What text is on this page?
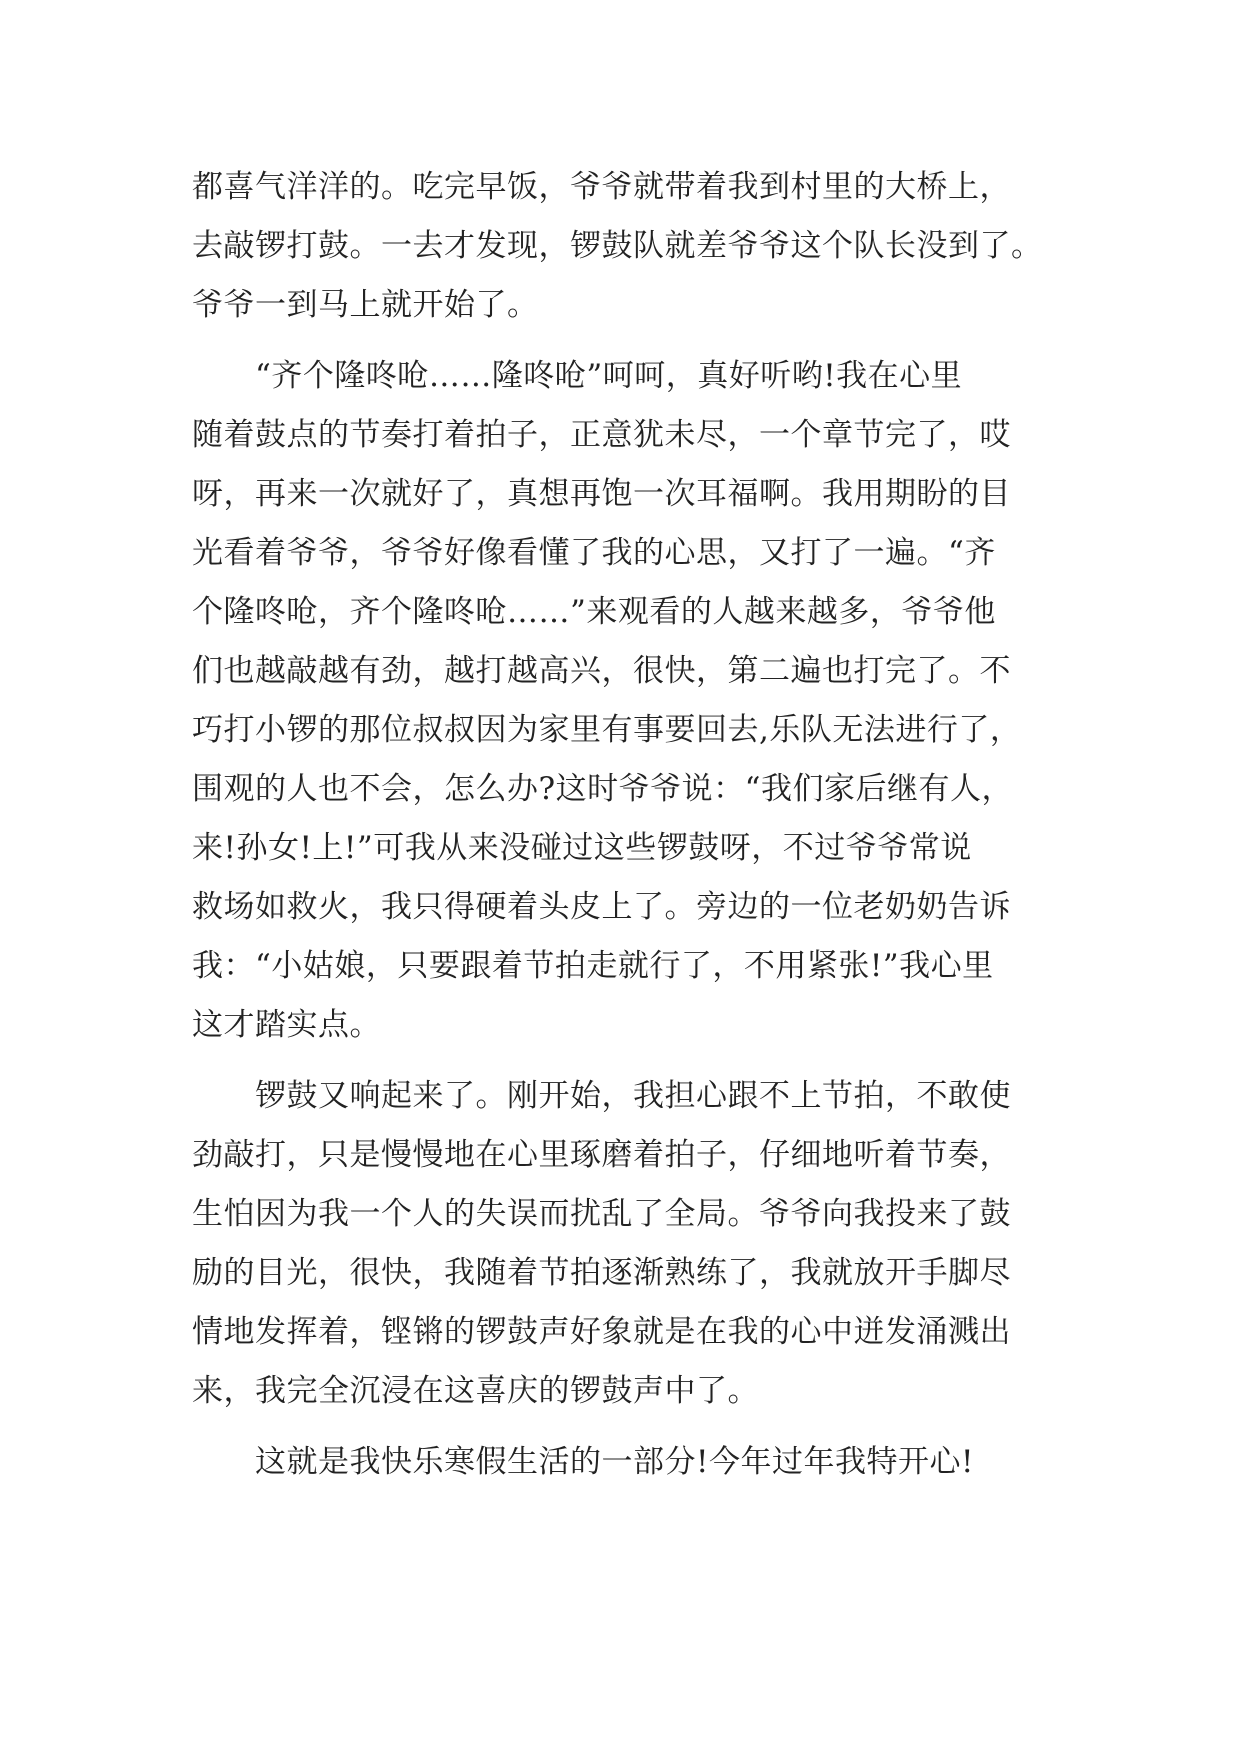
都喜气洋洋的。吃完早饭，爷爷就带着我到村里的大桥上，
去敲锣打鼓。一去才发现，锣鼓队就差爷爷这个队长没到了。
爷爷一到马上就开始了。
　　“齐个隆咚呛……隆咚呛”呵呵，真好听哟!我在心里
随着鼓点的节奏打着拍子，正意犹未尽，一个章节完了，哎
呀，再来一次就好了，真想再饱一次耳福啊。我用期盼的目
光看着爷爷，爷爷好像看懂了我的心思，又打了一遍。“齐
个隆咚呛，齐个隆咚呛……”来观看的人越来越多，爷爷他
们也越敲越有劲，越打越高兴，很快，第二遍也打完了。不
巧打小锣的那位叔叔因为家里有事要回去,乐队无法进行了，
围观的人也不会，怎么办?这时爷爷说：“我们家后继有人，
来!孙女!上!”可我从来没碰过这些锣鼓呀，不过爷爷常说
救场如救火，我只得硬着头皮上了。旁边的一位老奶奶告诉
我：“小姑娘，只要跟着节拍走就行了，不用紧张!”我心里
这才踏实点。
　　锣鼓又响起来了。刚开始，我担心跟不上节拍，不敢使
劲敲打，只是慢慢地在心里琢磨着拍子，仔细地听着节奏，
生怕因为我一个人的失误而扰乱了全局。爷爷向我投来了鼓
励的目光，很快，我随着节拍逐渐熟练了，我就放开手脚尽
情地发挥着，铿锵的锣鼓声好象就是在我的心中迸发涌溅出
来，我完全沉浸在这喜庆的锣鼓声中了。
　　这就是我快乐寒假生活的一部分!今年过年我特开心!
